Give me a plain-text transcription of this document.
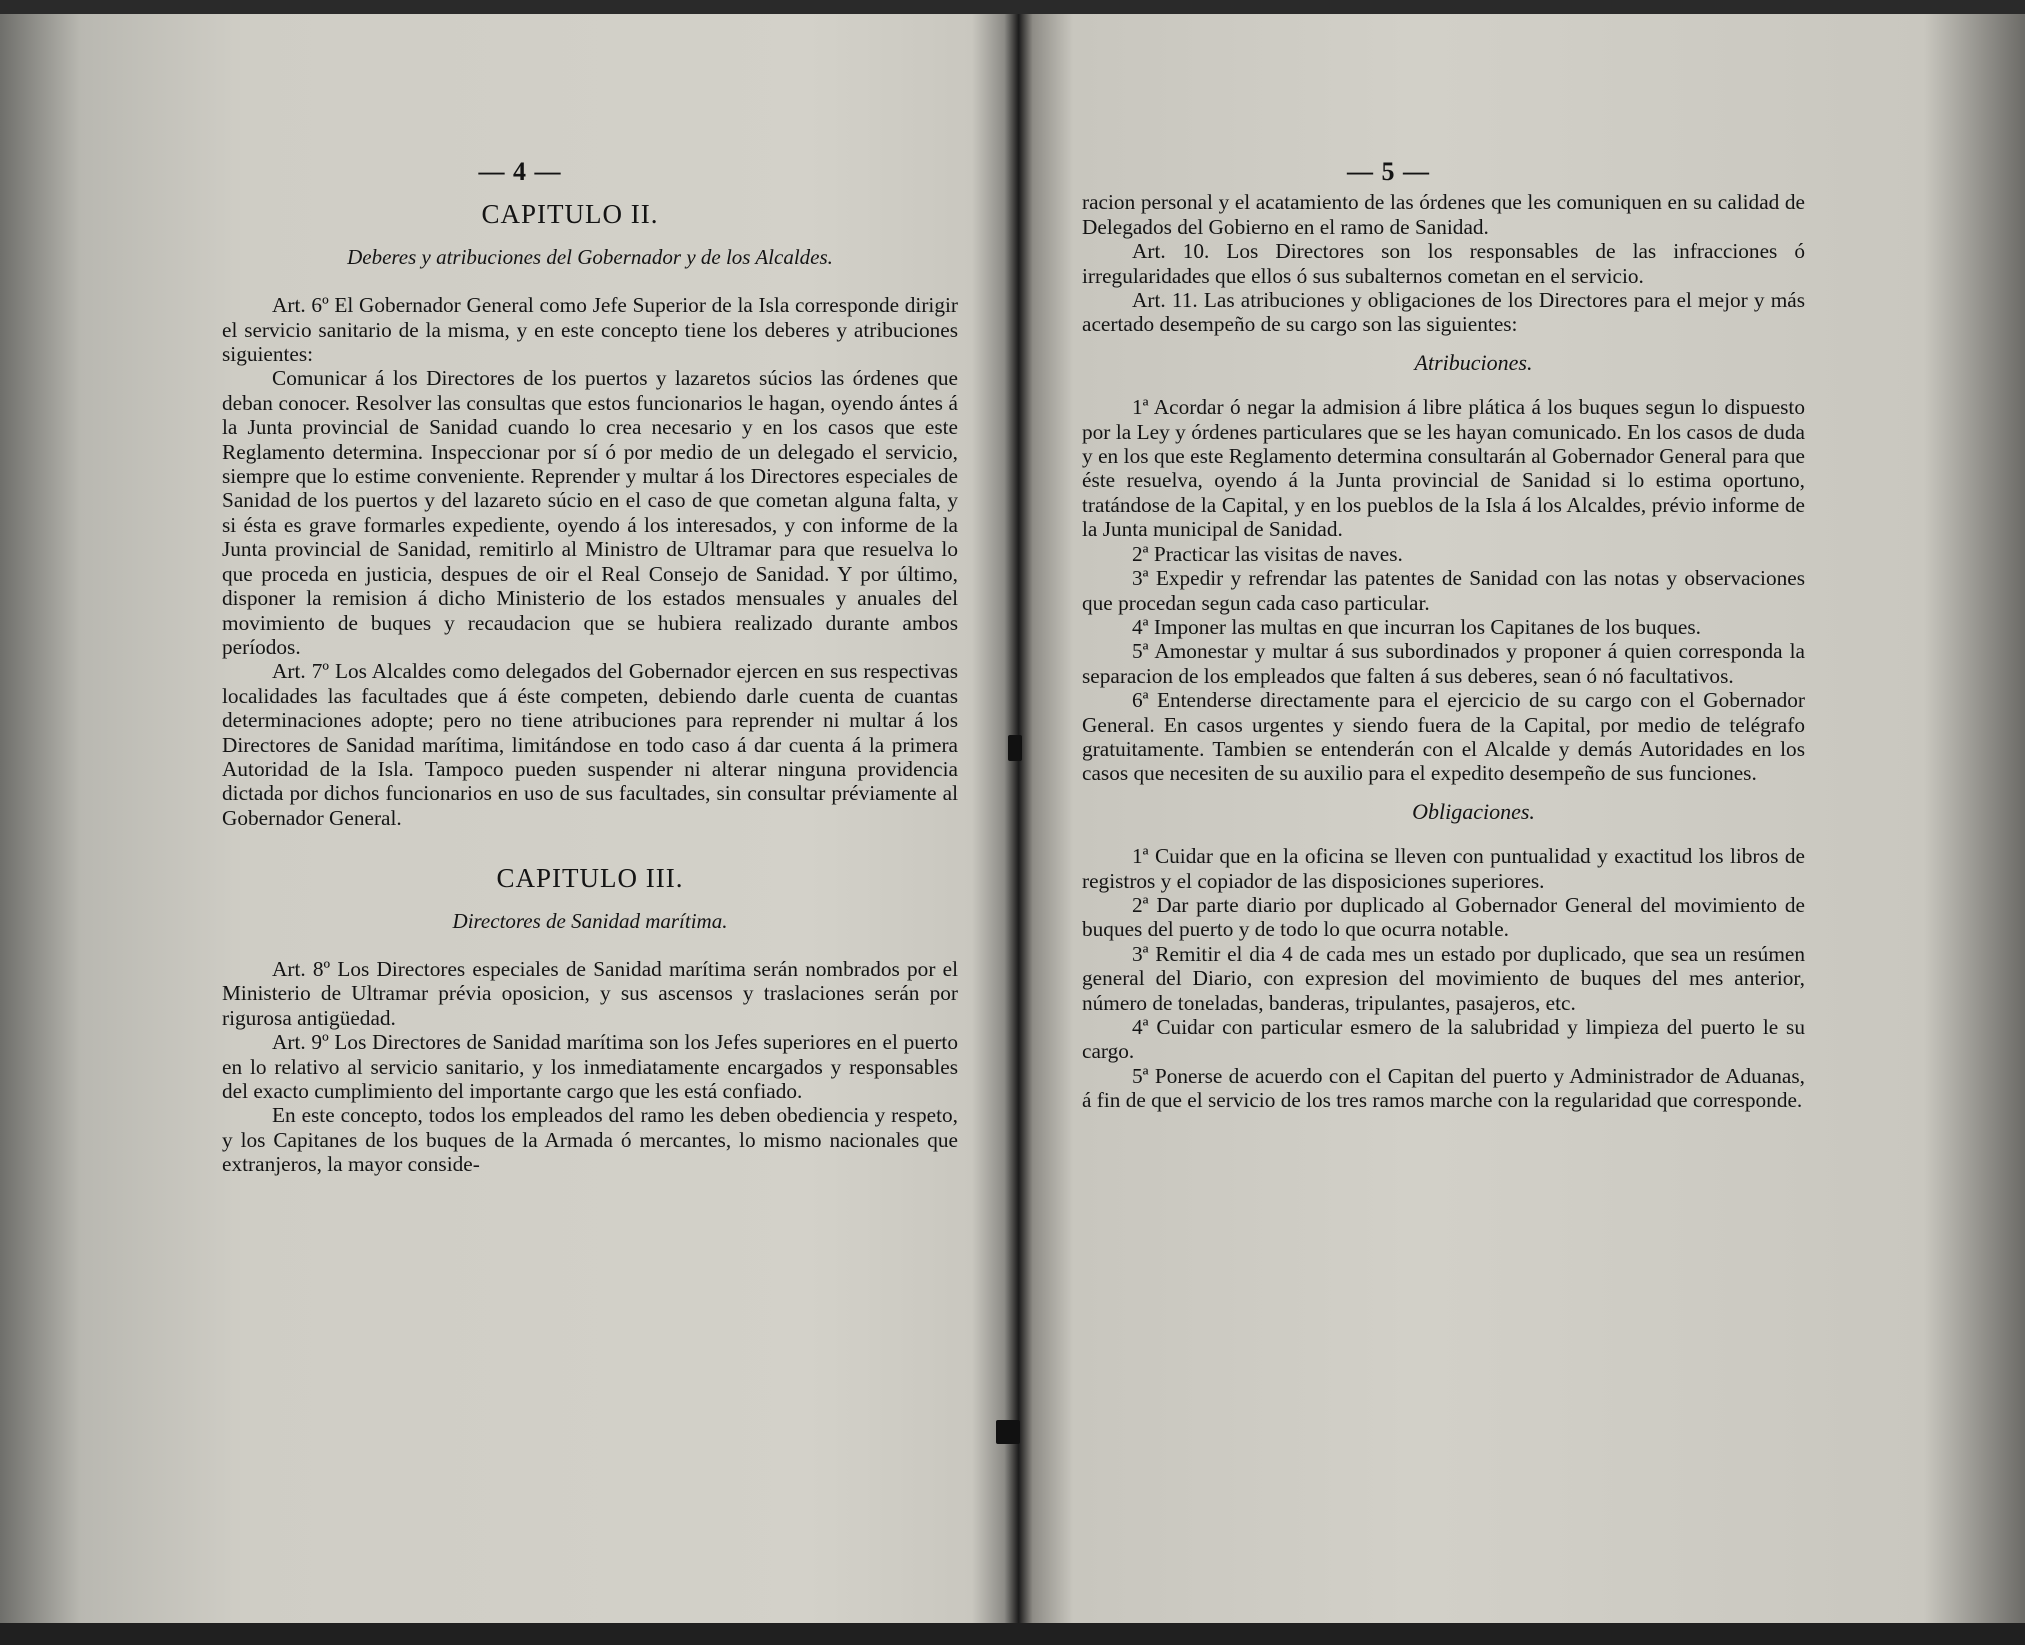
— 4 —
CAPITULO II.
Deberes y atribuciones del Gobernador y de los Alcaldes.

Art. 6º El Gobernador General como Jefe Superior de la Isla corresponde dirigir el servicio sanitario de la misma, y en este concepto tiene los deberes y atribuciones siguientes:

Comunicar á los Directores de los puertos y lazaretos súcios las órdenes que deban conocer. Resolver las consultas que estos funcionarios le hagan, oyendo ántes á la Junta provincial de Sanidad cuando lo crea necesario y en los casos que este Reglamento determina. Inspeccionar por sí ó por medio de un delegado el servicio, siempre que lo estime conveniente. Reprender y multar á los Directores especiales de Sanidad de los puertos y del lazareto súcio en el caso de que cometan alguna falta, y si ésta es grave formarles expediente, oyendo á los interesados, y con informe de la Junta provincial de Sanidad, remitirlo al Ministro de Ultramar para que resuelva lo que proceda en justicia, despues de oir el Real Consejo de Sanidad. Y por último, disponer la remision á dicho Ministerio de los estados mensuales y anuales del movimiento de buques y recaudacion que se hubiera realizado durante ambos períodos.

Art. 7º Los Alcaldes como delegados del Gobernador ejercen en sus respectivas localidades las facultades que á éste competen, debiendo darle cuenta de cuantas determinaciones adopte; pero no tiene atribuciones para reprender ni multar á los Directores de Sanidad marítima, limitándose en todo caso á dar cuenta á la primera Autoridad de la Isla. Tampoco pueden suspender ni alterar ninguna providencia dictada por dichos funcionarios en uso de sus facultades, sin consultar préviamente al Gobernador General.

CAPITULO III.
Directores de Sanidad marítima.

Art. 8º Los Directores especiales de Sanidad marítima serán nombrados por el Ministerio de Ultramar prévia oposicion, y sus ascensos y traslaciones serán por rigurosa antigüedad.

Art. 9º Los Directores de Sanidad marítima son los Jefes superiores en el puerto en lo relativo al servicio sanitario, y los inmediatamente encargados y responsables del exacto cumplimiento del importante cargo que les está confiado.

En este concepto, todos los empleados del ramo les deben obediencia y respeto, y los Capitanes de los buques de la Armada ó mercantes, lo mismo nacionales que extranjeros, la mayor conside-

— 5 —

racion personal y el acatamiento de las órdenes que les comuniquen en su calidad de Delegados del Gobierno en el ramo de Sanidad.

Art. 10. Los Directores son los responsables de las infracciones ó irregularidades que ellos ó sus subalternos cometan en el servicio.

Art. 11. Las atribuciones y obligaciones de los Directores para el mejor y más acertado desempeño de su cargo son las siguientes:

Atribuciones.

1ª Acordar ó negar la admision á libre plática á los buques segun lo dispuesto por la Ley y órdenes particulares que se les hayan comunicado. En los casos de duda y en los que este Reglamento determina consultarán al Gobernador General para que éste resuelva, oyendo á la Junta provincial de Sanidad si lo estima oportuno, tratándose de la Capital, y en los pueblos de la Isla á los Alcaldes, prévio informe de la Junta municipal de Sanidad.

2ª Practicar las visitas de naves.

3ª Expedir y refrendar las patentes de Sanidad con las notas y observaciones que procedan segun cada caso particular.

4ª Imponer las multas en que incurran los Capitanes de los buques.

5ª Amonestar y multar á sus subordinados y proponer á quien corresponda la separacion de los empleados que falten á sus deberes, sean ó nó facultativos.

6ª Entenderse directamente para el ejercicio de su cargo con el Gobernador General. En casos urgentes y siendo fuera de la Capital, por medio de telégrafo gratuitamente. Tambien se entenderán con el Alcalde y demás Autoridades en los casos que necesiten de su auxilio para el expedito desempeño de sus funciones.

Obligaciones.

1ª Cuidar que en la oficina se lleven con puntualidad y exactitud los libros de registros y el copiador de las disposiciones superiores.

2ª Dar parte diario por duplicado al Gobernador General del movimiento de buques del puerto y de todo lo que ocurra notable.

3ª Remitir el dia 4 de cada mes un estado por duplicado, que sea un resúmen general del Diario, con expresion del movimiento de buques del mes anterior, número de toneladas, banderas, tripulantes, pasajeros, etc.

4ª Cuidar con particular esmero de la salubridad y limpieza del puerto le su cargo.

5ª Ponerse de acuerdo con el Capitan del puerto y Administrador de Aduanas, á fin de que el servicio de los tres ramos marche con la regularidad que corresponde.
